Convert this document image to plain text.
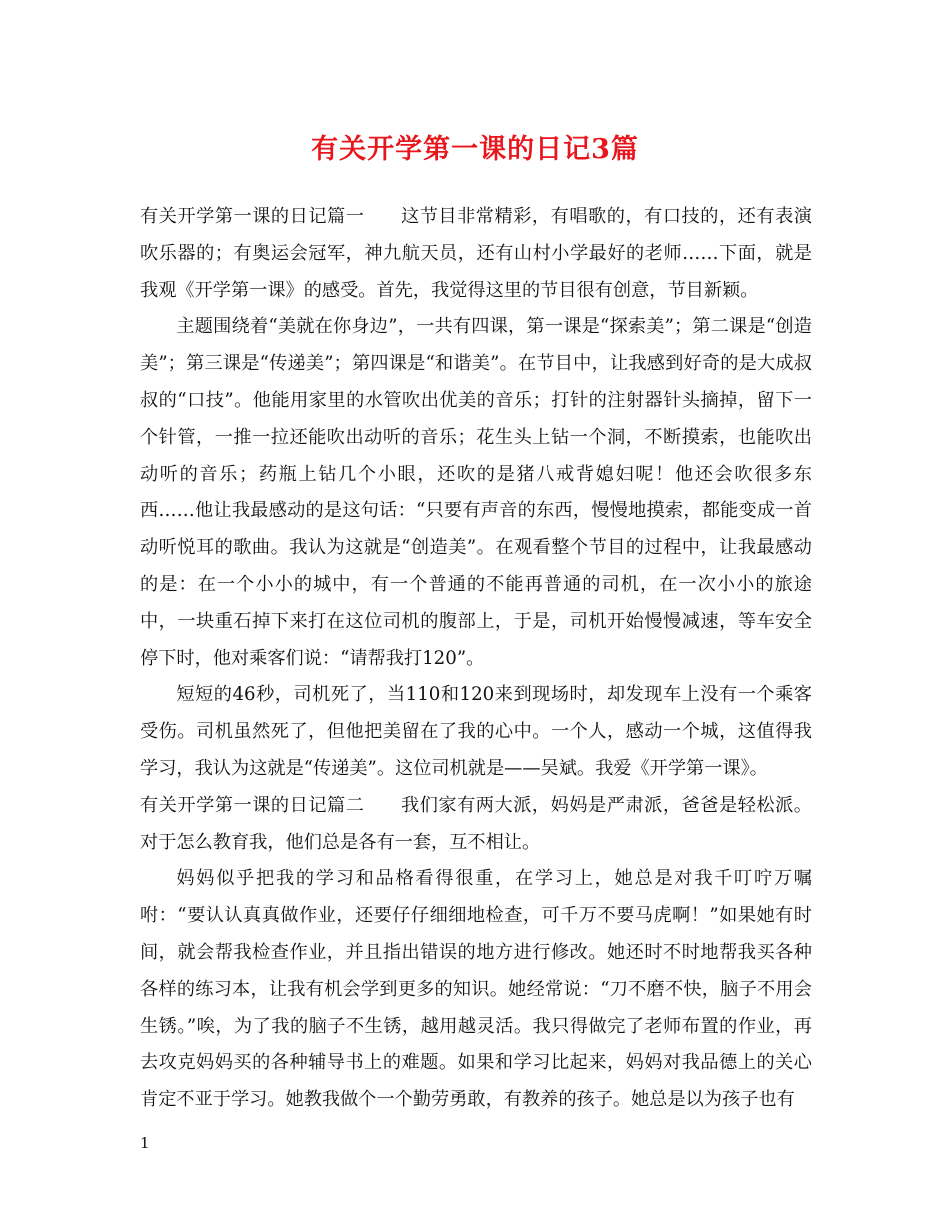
有关开学第一课的日记3篇

有关开学第一课的日记篇一 这节目非常精彩，有唱歌的，有口技的，还有表演吹乐器的；有奥运会冠军，神九航天员，还有山村小学最好的老师……下面，就是我观《开学第一课》的感受。首先，我觉得这里的节目很有创意，节目新颖。

主题围绕着“美就在你身边”，一共有四课，第一课是“探索美”；第二课是“创造美”；第三课是“传递美”；第四课是“和谐美”。在节目中，让我感到好奇的是大成叔叔的“口技”。他能用家里的水管吹出优美的音乐；打针的注射器针头摘掉，留下一个针管，一推一拉还能吹出动听的音乐；花生头上钻一个洞，不断摸索，也能吹出动听的音乐；药瓶上钻几个小眼，还吹的是猪八戒背媳妇呢！他还会吹很多东西……他让我最感动的是这句话：“只要有声音的东西，慢慢地摸索，都能变成一首动听悦耳的歌曲。我认为这就是“创造美”。在观看整个节目的过程中，让我最感动的是：在一个小小的城中，有一个普通的不能再普通的司机，在一次小小的旅途中，一块重石掉下来打在这位司机的腹部上，于是，司机开始慢慢减速，等车安全停下时，他对乘客们说：“请帮我打120”。

短短的46秒，司机死了，当110和120来到现场时，却发现车上没有一个乘客受伤。司机虽然死了，但他把美留在了我的心中。一个人，感动一个城，这值得我学习，我认为这就是“传递美”。这位司机就是——吴斌。我爱《开学第一课》。

有关开学第一课的日记篇二 我们家有两大派，妈妈是严肃派，爸爸是轻松派。对于怎么教育我，他们总是各有一套，互不相让。

妈妈似乎把我的学习和品格看得很重，在学习上，她总是对我千叮咛万嘱咐：“要认认真真做作业，还要仔仔细细地检查，可千万不要马虎啊！”如果她有时间，就会帮我检查作业，并且指出错误的地方进行修改。她还时不时地帮我买各种各样的练习本，让我有机会学到更多的知识。她经常说：“刀不磨不快，脑子不用会生锈。”唉，为了我的脑子不生锈，越用越灵活。我只得做完了老师布置的作业，再去攻克妈妈买的各种辅导书上的难题。如果和学习比起来，妈妈对我品德上的关心肯定不亚于学习。她教我做个一个勤劳勇敢，有教养的孩子。她总是以为孩子也有

1
